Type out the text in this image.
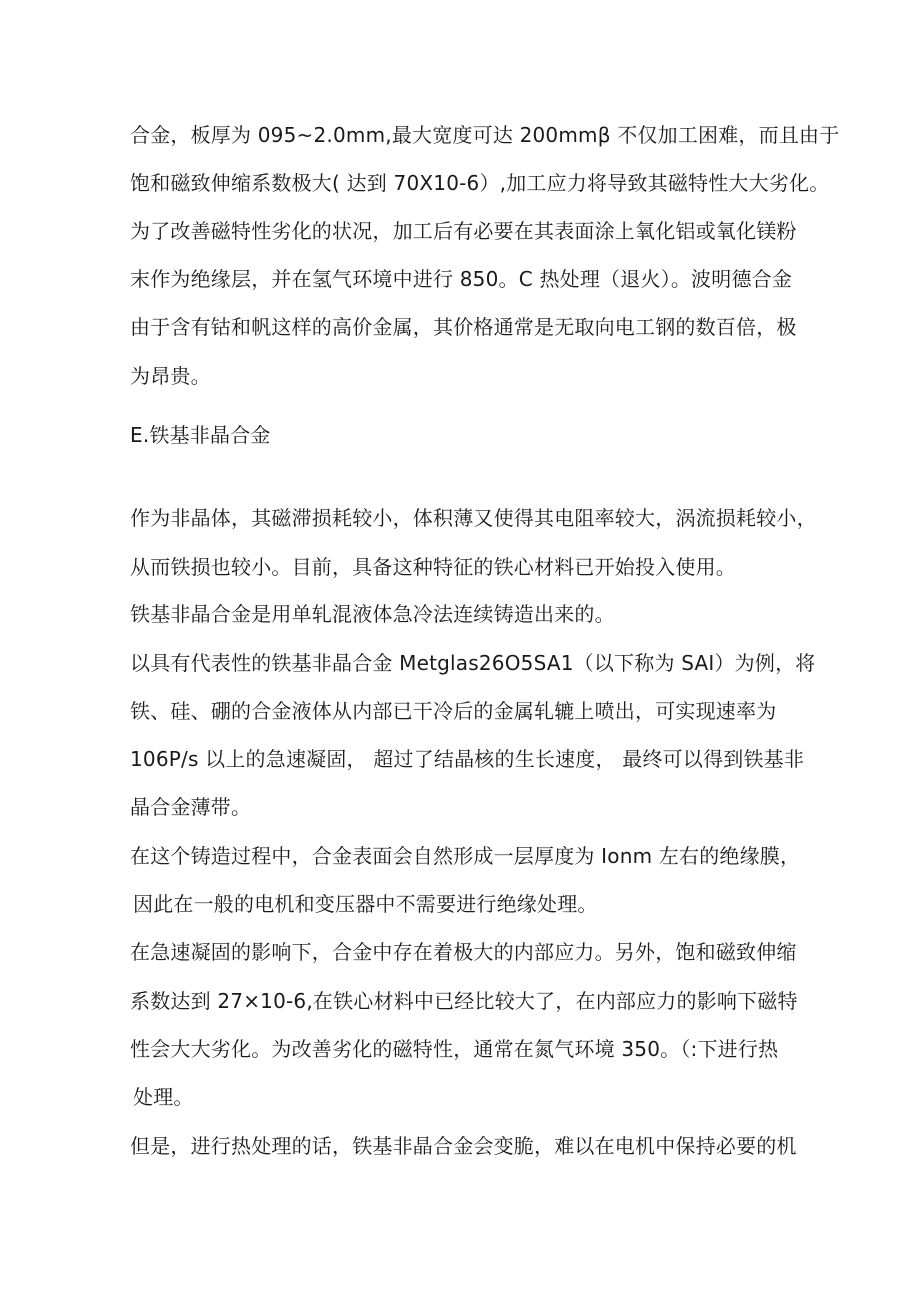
合金，板厚为 095~2.0mm,最大宽度可达 200mmβ 不仅加工困难，而且由于
饱和磁致伸缩系数极大( 达到 70X10-6）,加工应力将导致其磁特性大大劣化。
为了改善磁特性劣化的状况，加工后有必要在其表面涂上氧化铝或氧化镁粉
末作为绝缘层，并在氢气环境中进行 850。C 热处理（退火）。波明德合金
由于含有钴和帆这样的高价金属，其价格通常是无取向电工钢的数百倍，极
为昂贵。
E.铁基非晶合金
作为非晶体，其磁滞损耗较小，体积薄又使得其电阻率较大，涡流损耗较小，
从而铁损也较小。目前，具备这种特征的铁心材料已开始投入使用。
铁基非晶合金是用单轧混液体急冷法连续铸造出来的。
以具有代表性的铁基非晶合金 Metglas26O5SA1（以下称为 SAI）为例，将
铁、硅、硼的合金液体从内部已干冷后的金属轧辘上喷出，可实现速率为
106P/s 以上的急速凝固， 超过了结晶核的生长速度， 最终可以得到铁基非
晶合金薄带。
在这个铸造过程中，合金表面会自然形成一层厚度为 Ionm 左右的绝缘膜，
因此在一般的电机和变压器中不需要进行绝缘处理。
在急速凝固的影响下，合金中存在着极大的内部应力。另外，饱和磁致伸缩
系数达到 27×10-6,在铁心材料中已经比较大了，在内部应力的影响下磁特
性会大大劣化。为改善劣化的磁特性，通常在氮气环境 350。（:下进行热
处理。
但是，进行热处理的话，铁基非晶合金会变脆，难以在电机中保持必要的机
